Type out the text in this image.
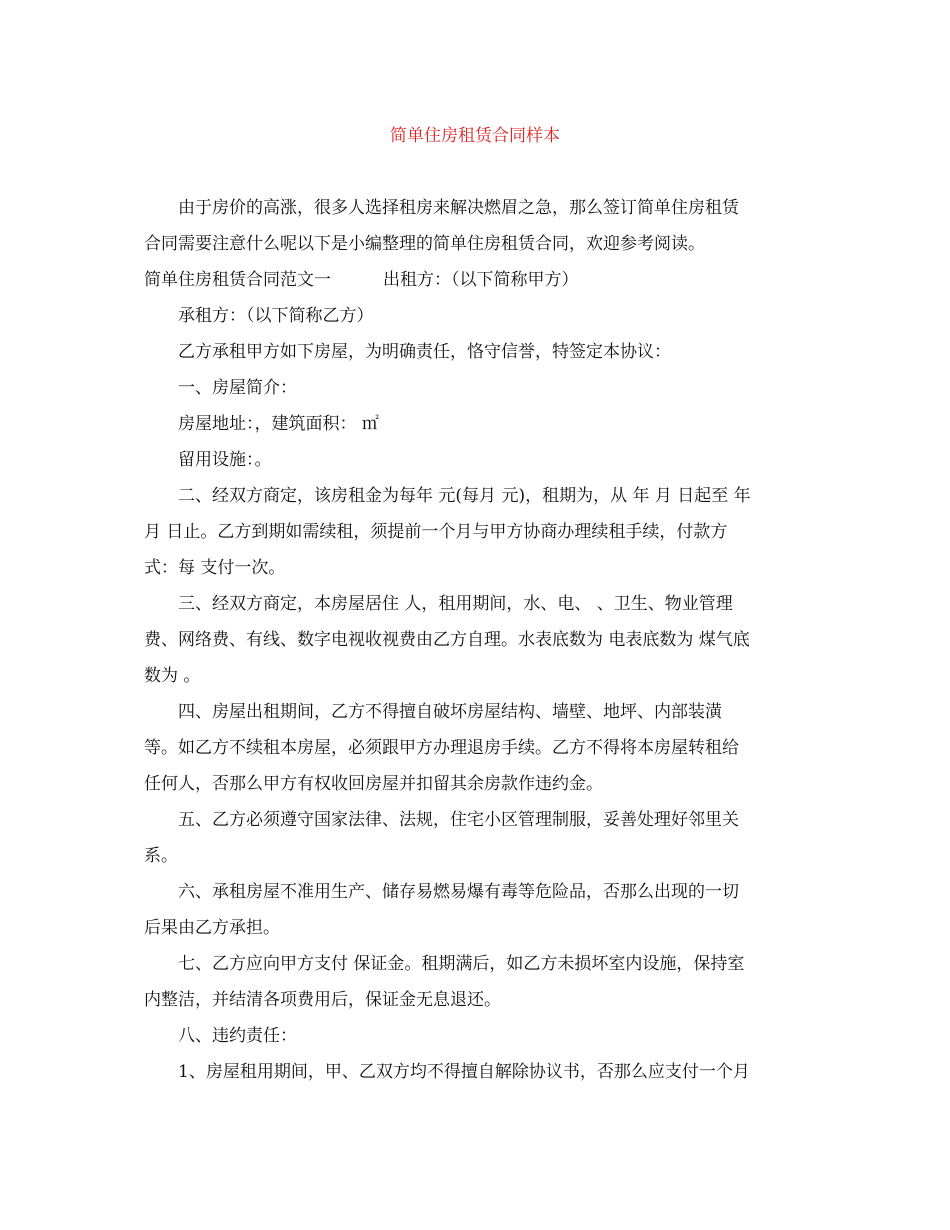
简单住房租赁合同样本
由于房价的高涨，很多人选择租房来解决燃眉之急，那么签订简单住房租赁
合同需要注意什么呢以下是小编整理的简单住房租赁合同，欢迎参考阅读。
简单住房租赁合同范文一	出租方：（以下简称甲方）
承租方：（以下简称乙方）
乙方承租甲方如下房屋，为明确责任，恪守信誉，特签定本协议：
一、房屋简介：
房屋地址：，建筑面积： ㎡
留用设施：。
二、经双方商定，该房租金为每年 元(每月 元)，租期为，从 年 月 日起至 年
月 日止。乙方到期如需续租，须提前一个月与甲方协商办理续租手续，付款方
式：每 支付一次。
三、经双方商定，本房屋居住 人，租用期间，水、电、 、卫生、物业管理
费、网络费、有线、数字电视收视费由乙方自理。水表底数为 电表底数为 煤气底
数为 。
四、房屋出租期间，乙方不得擅自破坏房屋结构、墙壁、地坪、内部装潢
等。如乙方不续租本房屋，必须跟甲方办理退房手续。乙方不得将本房屋转租给
任何人，否那么甲方有权收回房屋并扣留其余房款作违约金。
五、乙方必须遵守国家法律、法规，住宅小区管理制服，妥善处理好邻里关
系。
六、承租房屋不准用生产、储存易燃易爆有毒等危险品，否那么出现的一切
后果由乙方承担。
七、乙方应向甲方支付 保证金。租期满后，如乙方未损坏室内设施，保持室
内整洁，并结清各项费用后，保证金无息退还。
八、违约责任：
1、房屋租用期间，甲、乙双方均不得擅自解除协议书，否那么应支付一个月
